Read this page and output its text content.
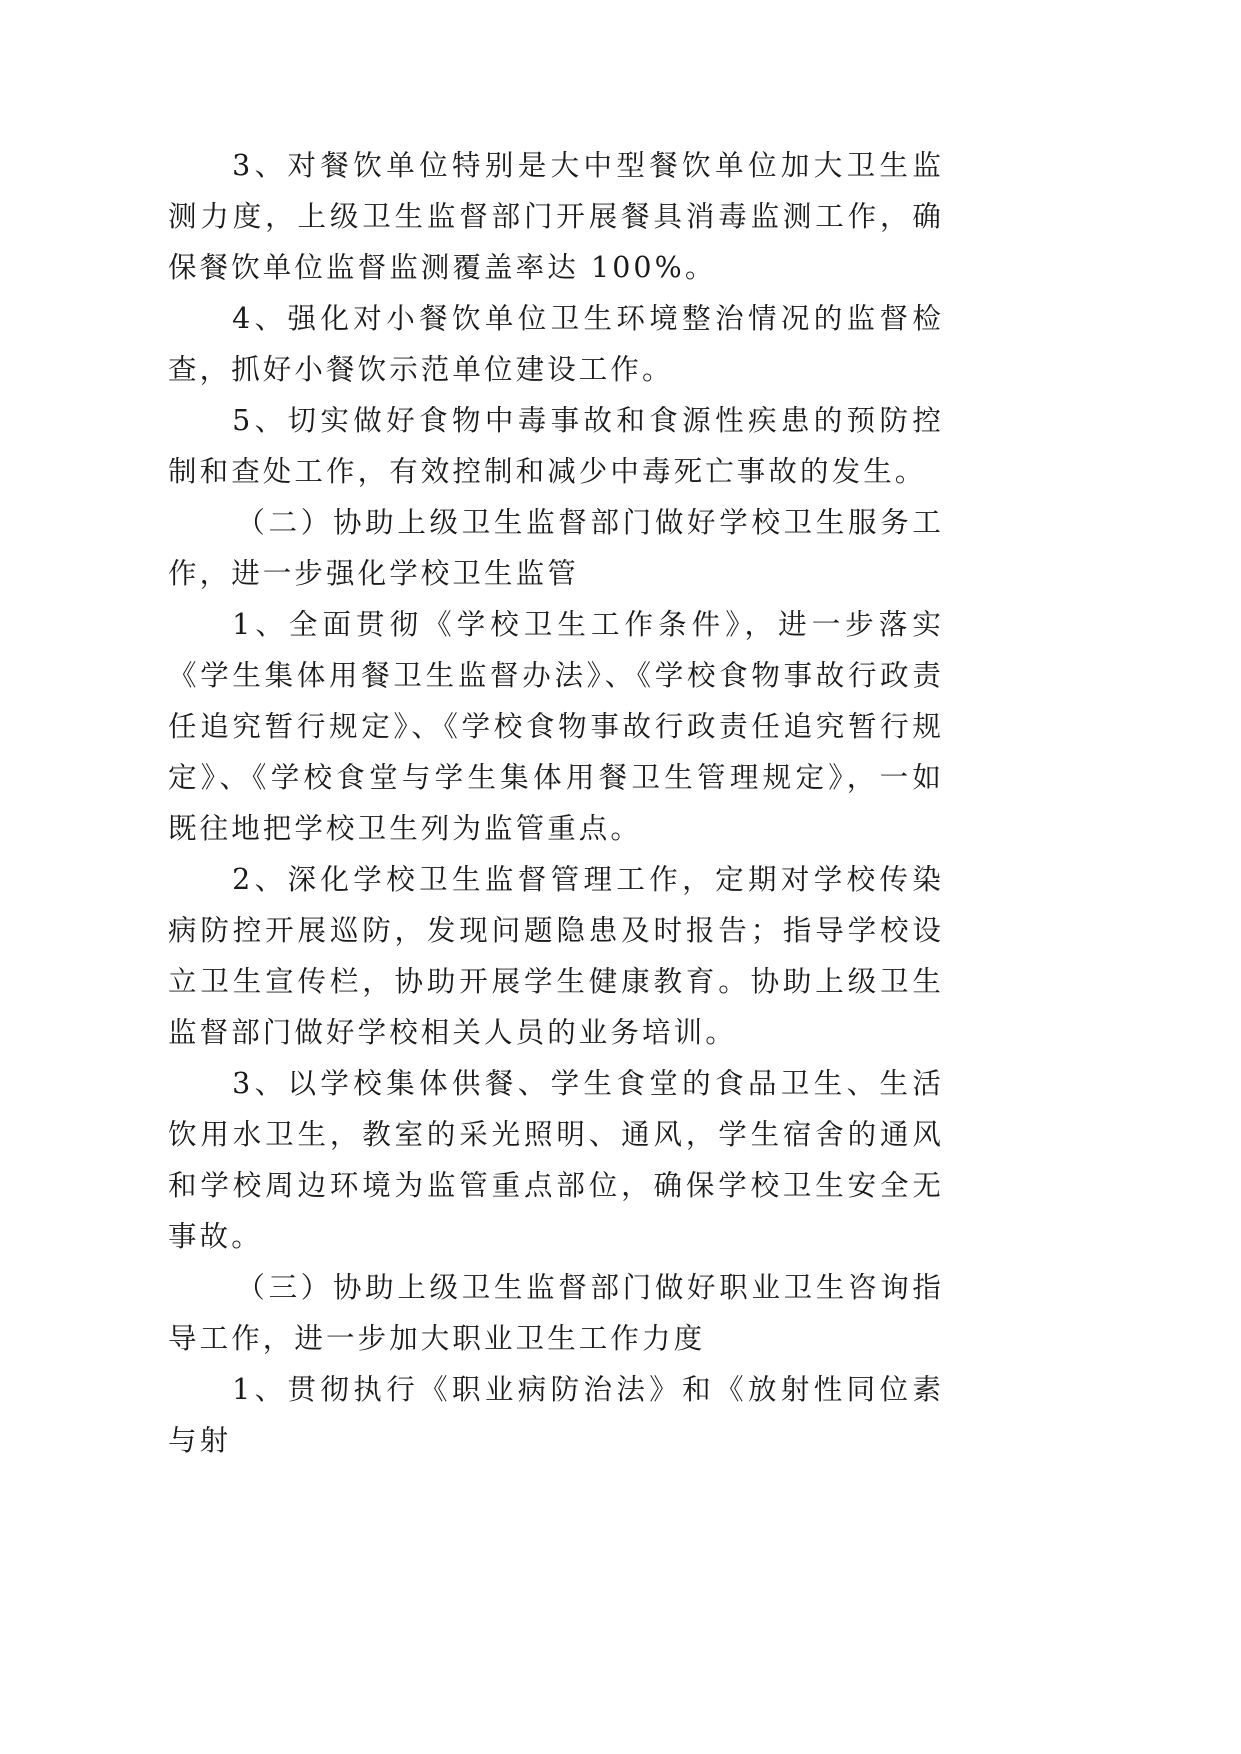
3、对餐饮单位特别是大中型餐饮单位加大卫生监测力度，上级卫生监督部门开展餐具消毒监测工作，确保餐饮单位监督监测覆盖率达 100%。

4、强化对小餐饮单位卫生环境整治情况的监督检查，抓好小餐饮示范单位建设工作。

5、切实做好食物中毒事故和食源性疾患的预防控制和查处工作，有效控制和减少中毒死亡事故的发生。

（二）协助上级卫生监督部门做好学校卫生服务工作，进一步强化学校卫生监管

1、全面贯彻《学校卫生工作条件》，进一步落实《学生集体用餐卫生监督办法》、《学校食物事故行政责任追究暂行规定》、《学校食物事故行政责任追究暂行规定》、《学校食堂与学生集体用餐卫生管理规定》，一如既往地把学校卫生列为监管重点。

2、深化学校卫生监督管理工作，定期对学校传染病防控开展巡防，发现问题隐患及时报告；指导学校设立卫生宣传栏，协助开展学生健康教育。协助上级卫生监督部门做好学校相关人员的业务培训。

3、以学校集体供餐、学生食堂的食品卫生、生活饮用水卫生，教室的采光照明、通风，学生宿舍的通风和学校周边环境为监管重点部位，确保学校卫生安全无事故。

（三）协助上级卫生监督部门做好职业卫生咨询指导工作，进一步加大职业卫生工作力度

1、贯彻执行《职业病防治法》和《放射性同位素与射
